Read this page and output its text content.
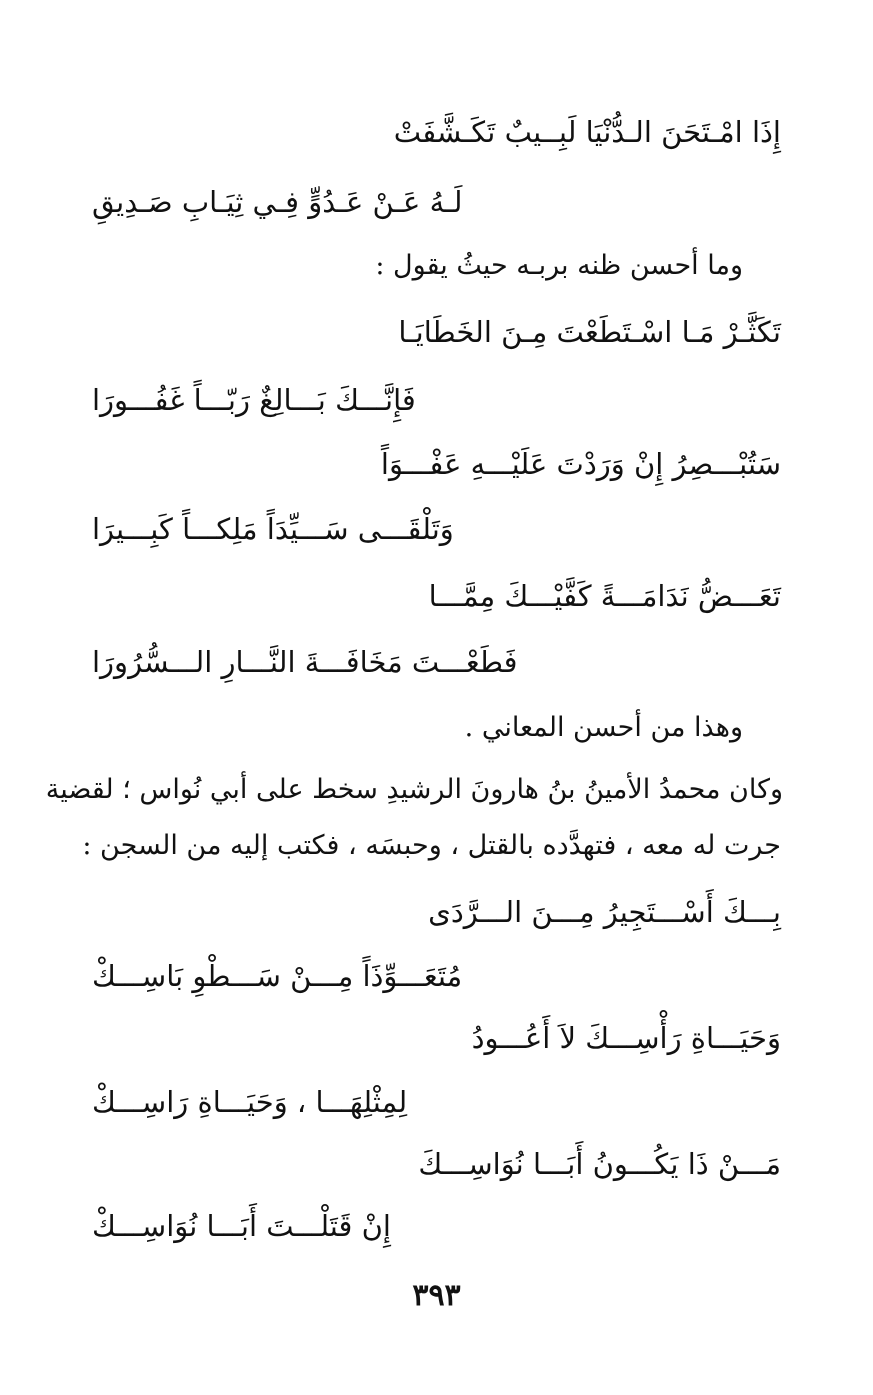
إِذَا امْـتَحَنَ الـدُّنْيَا لَبِــيبٌ تَكَـشَّفَتْ
لَـهُ عَـنْ عَـدُوٍّ فِـي ثِيَـابِ صَـدِيقِ
وما أحسن ظنه بربـه حيثُ يقول :
تَكَثَّـرْ مَـا اسْـتَطَعْتَ مِـنَ الخَطَايَـا
فَإِنَّـــكَ بَـــالِغٌ رَبّـــاً غَفُـــورَا
سَتُبْـــصِرُ إِنْ وَرَدْتَ عَلَيْـــهِ عَفْـــوَاً
وَتَلْقَـــى سَـــيِّدَاً مَلِكـــاً كَبِـــيرَا
تَعَـــضُّ نَدَامَـــةً كَفَّيْـــكَ مِمَّـــا
فَطَعْـــتَ مَخَافَـــةَ النَّـــارِ الـــسُّرُورَا
وهذا من أحسن المعاني .
وكان محمدُ الأمينُ بنُ هارونَ الرشيدِ سخط على أبي نُواس ؛ لقضية
جرت له معه ، فتهدَّده بالقتل ، وحبسَه ، فكتب إليه من السجن :
بِـــكَ أَسْـــتَجِيرُ مِـــنَ الـــرَّدَى
مُتَعَـــوِّذَاً مِـــنْ سَـــطْوِ بَاسِـــكْ
وَحَيَـــاةِ رَأْسِـــكَ لاَ أَعُـــودُ
لِمِثْلِهَـــا ، وَحَيَـــاةِ رَاسِـــكْ
مَـــنْ ذَا يَكُـــونُ أَبَـــا نُوَاسِـــكَ
إِنْ قَتَلْـــتَ أَبَـــا نُوَاسِـــكْ
٣٩٣
